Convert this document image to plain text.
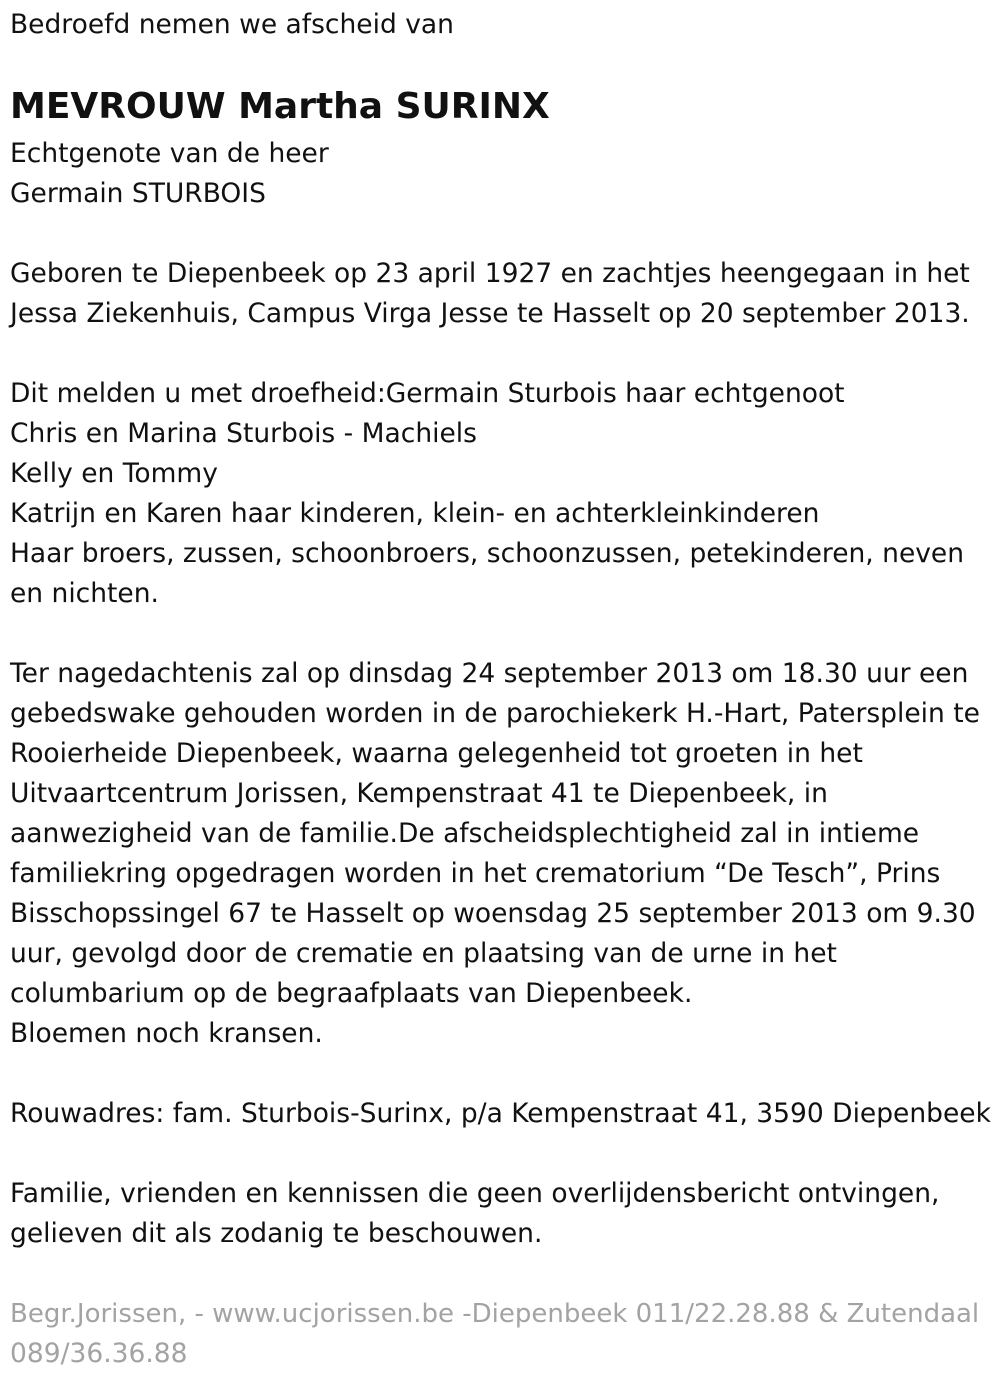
Bedroefd nemen we afscheid van
MEVROUW Martha SURINX
Echtgenote van de heer
Germain STURBOIS
Geboren te Diepenbeek op 23 april 1927 en zachtjes heengegaan in het
Jessa Ziekenhuis, Campus Virga Jesse te Hasselt op 20 september 2013.
Dit melden u met droefheid:Germain Sturbois haar echtgenoot
Chris en Marina Sturbois - Machiels
Kelly en Tommy
Katrijn en Karen haar kinderen, klein- en achterkleinkinderen
Haar broers, zussen, schoonbroers, schoonzussen, petekinderen, neven
en nichten.
Ter nagedachtenis zal op dinsdag 24 september 2013 om 18.30 uur een
gebedswake gehouden worden in de parochiekerk H.-Hart, Patersplein te
Rooierheide Diepenbeek, waarna gelegenheid tot groeten in het
Uitvaartcentrum Jorissen, Kempenstraat 41 te Diepenbeek, in
aanwezigheid van de familie.De afscheidsplechtigheid zal in intieme
familiekring opgedragen worden in het crematorium “De Tesch”, Prins
Bisschopssingel 67 te Hasselt op woensdag 25 september 2013 om 9.30
uur, gevolgd door de crematie en plaatsing van de urne in het
columbarium op de begraafplaats van Diepenbeek.
Bloemen noch kransen.
Rouwadres: fam. Sturbois-Surinx, p/a Kempenstraat 41, 3590 Diepenbeek
Familie, vrienden en kennissen die geen overlijdensbericht ontvingen,
gelieven dit als zodanig te beschouwen.
Begr.Jorissen, - www.ucjorissen.be -Diepenbeek 011/22.28.88 & Zutendaal
089/36.36.88
